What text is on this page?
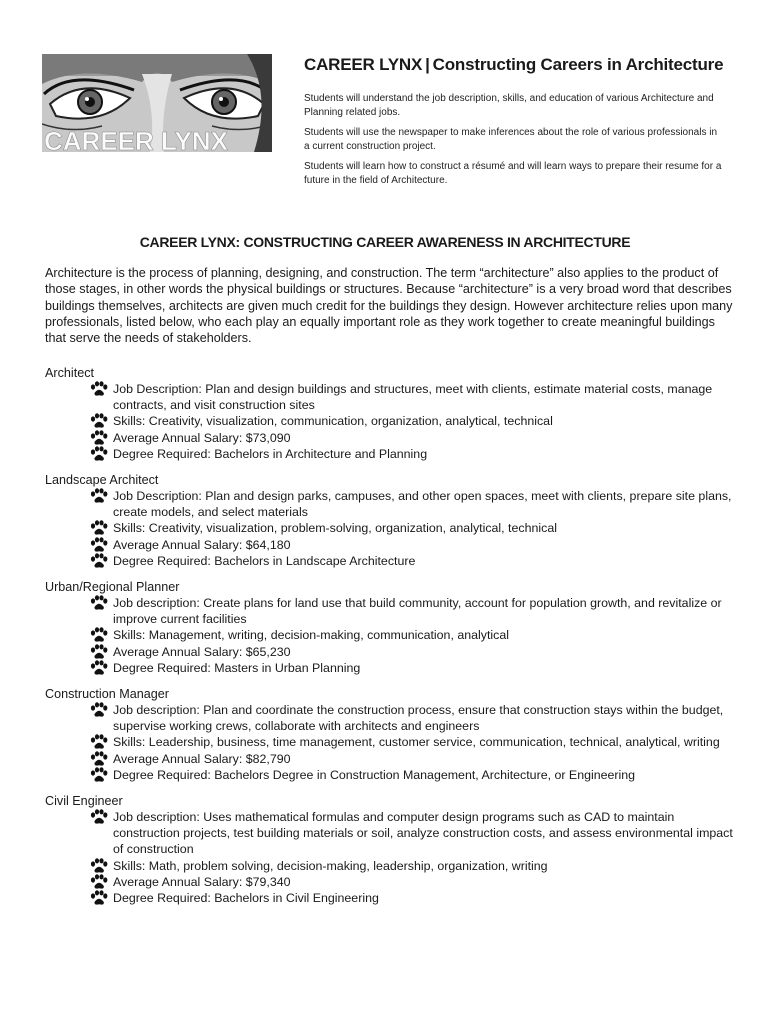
CAREER LYNX
CAREER LYNX | Constructing Careers in Architecture

Students will understand the job description, skills, and education of various Architecture and Planning related jobs.

Students will use the newspaper to make inferences about the role of various professionals in a current construction project.

Students will learn how to construct a résumé and will learn ways to prepare their resume for a future in the field of Architecture.

CAREER LYNX: CONSTRUCTING CAREER AWARENESS IN ARCHITECTURE

Architecture is the process of planning, designing, and construction. The term “architecture” also applies to the product of those stages, in other words the physical buildings or structures. Because “architecture” is a very broad word that describes buildings themselves, architects are given much credit for the buildings they design. However architecture relies upon many professionals, listed below, who each play an equally important role as they work together to create meaningful buildings that serve the needs of stakeholders.

Architect
Job Description: Plan and design buildings and structures, meet with clients, estimate material costs, manage contracts, and visit construction sites
Skills: Creativity, visualization, communication, organization, analytical, technical
Average Annual Salary: $73,090
Degree Required: Bachelors in Architecture and Planning
Landscape Architect
Job Description: Plan and design parks, campuses, and other open spaces, meet with clients, prepare site plans, create models, and select materials
Skills: Creativity, visualization, problem-solving, organization, analytical, technical
Average Annual Salary: $64,180
Degree Required: Bachelors in Landscape Architecture
Urban/Regional Planner
Job description: Create plans for land use that build community, account for population growth, and revitalize or improve current facilities
Skills: Management, writing, decision-making, communication, analytical
Average Annual Salary: $65,230
Degree Required: Masters in Urban Planning
Construction Manager
Job description: Plan and coordinate the construction process, ensure that construction stays within the budget, supervise working crews, collaborate with architects and engineers
Skills: Leadership, business, time management, customer service, communication, technical, analytical, writing
Average Annual Salary: $82,790
Degree Required: Bachelors Degree in Construction Management, Architecture, or Engineering
Civil Engineer
Job description: Uses mathematical formulas and computer design programs such as CAD to maintain construction projects, test building materials or soil, analyze construction costs, and assess environmental impact of construction
Skills: Math, problem solving, decision-making, leadership, organization, writing
Average Annual Salary: $79,340
Degree Required: Bachelors in Civil Engineering
